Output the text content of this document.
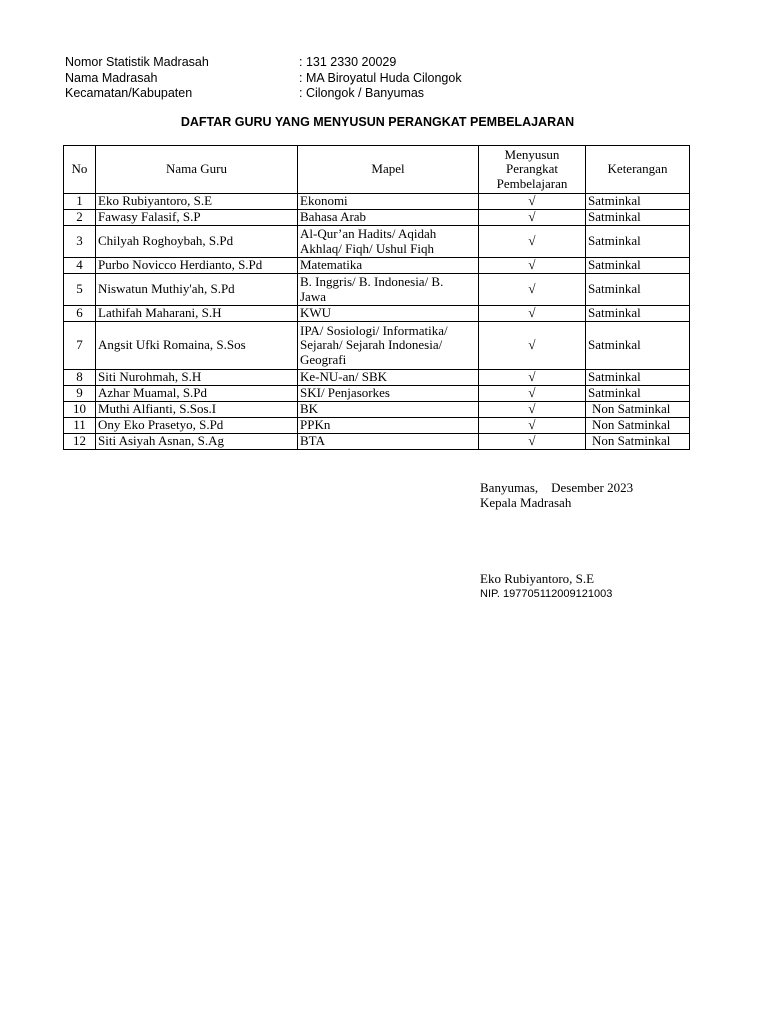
Nomor Statistik Madrasah	: 131 2330 20029
Nama Madrasah	: MA Biroyatul Huda Cilongok
Kecamatan/Kabupaten	: Cilongok / Banyumas
DAFTAR GURU YANG MENYUSUN PERANGKAT PEMBELAJARAN
No	Nama Guru	Mapel	Menyusun
Perangkat
Pembelajaran	Keterangan
1	Eko Rubiyantoro, S.E	Ekonomi	√	Satminkal
2	Fawasy Falasif, S.P	Bahasa Arab	√	Satminkal
3	Chilyah Roghoybah, S.Pd	Al-Qur’an Hadits/ Aqidah
Akhlaq/ Fiqh/ Ushul Fiqh	√	Satminkal
4	Purbo Novicco Herdianto, S.Pd	Matematika	√	Satminkal
5	Niswatun Muthiy'ah, S.Pd	B. Inggris/ B. Indonesia/ B.
Jawa	√	Satminkal
6	Lathifah Maharani, S.H	KWU	√	Satminkal
7	Angsit Ufki Romaina, S.Sos	IPA/ Sosiologi/ Informatika/
Sejarah/ Sejarah Indonesia/
Geografi	√	Satminkal
8	Siti Nurohmah, S.H	Ke-NU-an/ SBK	√	Satminkal
9	Azhar Muamal, S.Pd	SKI/ Penjasorkes	√	Satminkal
10	Muthi Alfianti, S.Sos.I	BK	√	Non Satminkal
11	Ony Eko Prasetyo, S.Pd	PPKn	√	Non Satminkal
12	Siti Asiyah Asnan, S.Ag	BTA	√	Non Satminkal
Banyumas,    Desember 2023
Kepala Madrasah
Eko Rubiyantoro, S.E
NIP. 197705112009121003
